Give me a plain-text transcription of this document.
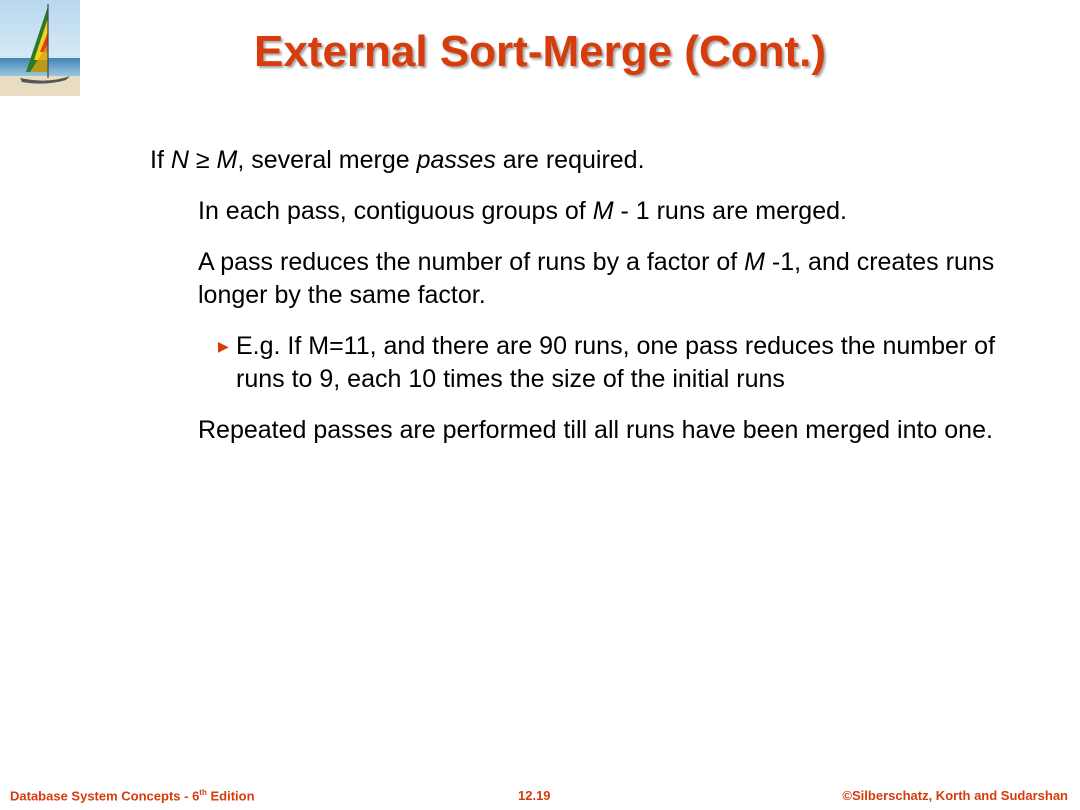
External Sort-Merge (Cont.)
If N ≥ M, several merge passes are required.
In each pass, contiguous groups of M - 1 runs are merged.
A pass reduces the number of runs by a factor of M -1, and creates runs longer by the same factor.
▶ E.g. If M=11, and there are 90 runs, one pass reduces the number of runs to 9, each 10 times the size of the initial runs
Repeated passes are performed till all runs have been merged into one.
Database System Concepts - 6th Edition	12.19	©Silberschatz, Korth and Sudarshan
